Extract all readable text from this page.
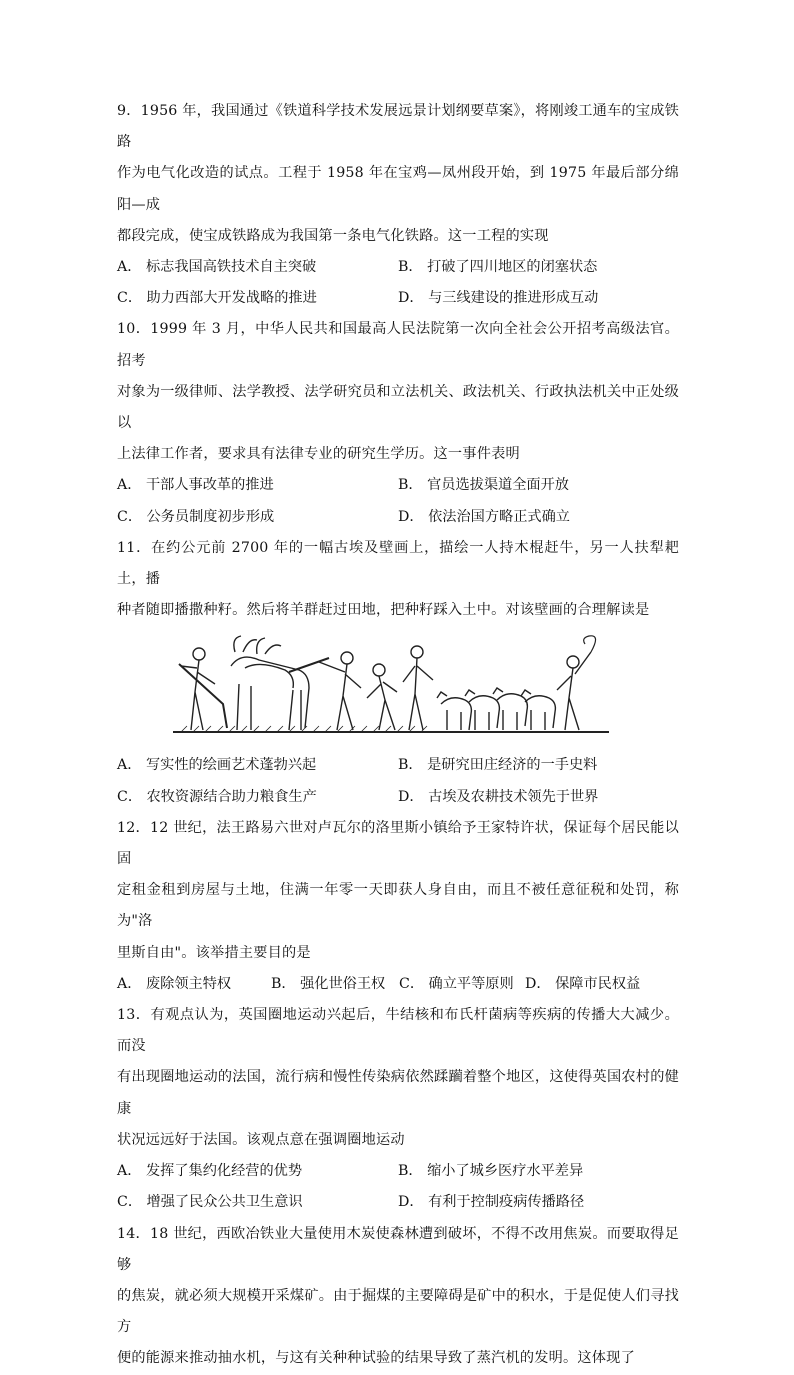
9．1956 年，我国通过《铁道科学技术发展远景计划纲要草案》，将刚竣工通车的宝成铁路

作为电气化改造的试点。工程于 1958 年在宝鸡—凤州段开始，到 1975 年最后部分绵阳—成

都段完成，使宝成铁路成为我国第一条电气化铁路。这一工程的实现

A． 标志我国高铁技术自主突破	B． 打破了四川地区的闭塞状态
C． 助力西部大开发战略的推进	D． 与三线建设的推进形成互动

10．1999 年 3 月，中华人民共和国最高人民法院第一次向全社会公开招考高级法官。招考

对象为一级律师、法学教授、法学研究员和立法机关、政法机关、行政执法机关中正处级以

上法律工作者，要求具有法律专业的研究生学历。这一事件表明

A． 干部人事改革的推进	B． 官员选拔渠道全面开放
C． 公务员制度初步形成	D． 依法治国方略正式确立

11．在约公元前 2700 年的一幅古埃及壁画上，描绘一人持木棍赶牛，另一人扶犁耙土，播

种者随即播撒种籽。然后将羊群赶过田地，把种籽踩入土中。对该壁画的合理解读是

A． 写实性的绘画艺术蓬勃兴起	B． 是研究田庄经济的一手史料
C． 农牧资源结合助力粮食生产	D． 古埃及农耕技术领先于世界

12．12 世纪，法王路易六世对卢瓦尔的洛里斯小镇给予王家特许状，保证每个居民能以固

定租金租到房屋与土地，住满一年零一天即获人身自由，而且不被任意征税和处罚，称为"洛

里斯自由"。该举措主要目的是

A． 废除领主特权	B． 强化世俗王权 C． 确立平等原则 D． 保障市民权益

13．有观点认为，英国圈地运动兴起后，牛结核和布氏杆菌病等疾病的传播大大减少。而没

有出现圈地运动的法国，流行病和慢性传染病依然蹂躏着整个地区，这使得英国农村的健康

状况远远好于法国。该观点意在强调圈地运动

A． 发挥了集约化经营的优势	B． 缩小了城乡医疗水平差异
C． 增强了民众公共卫生意识	D． 有利于控制疫病传播路径

14．18 世纪，西欧冶铁业大量使用木炭使森林遭到破坏，不得不改用焦炭。而要取得足够

的焦炭，就必须大规模开采煤矿。由于掘煤的主要障碍是矿中的积水，于是促使人们寻找方

便的能源来推动抽水机，与这有关种种试验的结果导致了蒸汽机的发明。这体现了
